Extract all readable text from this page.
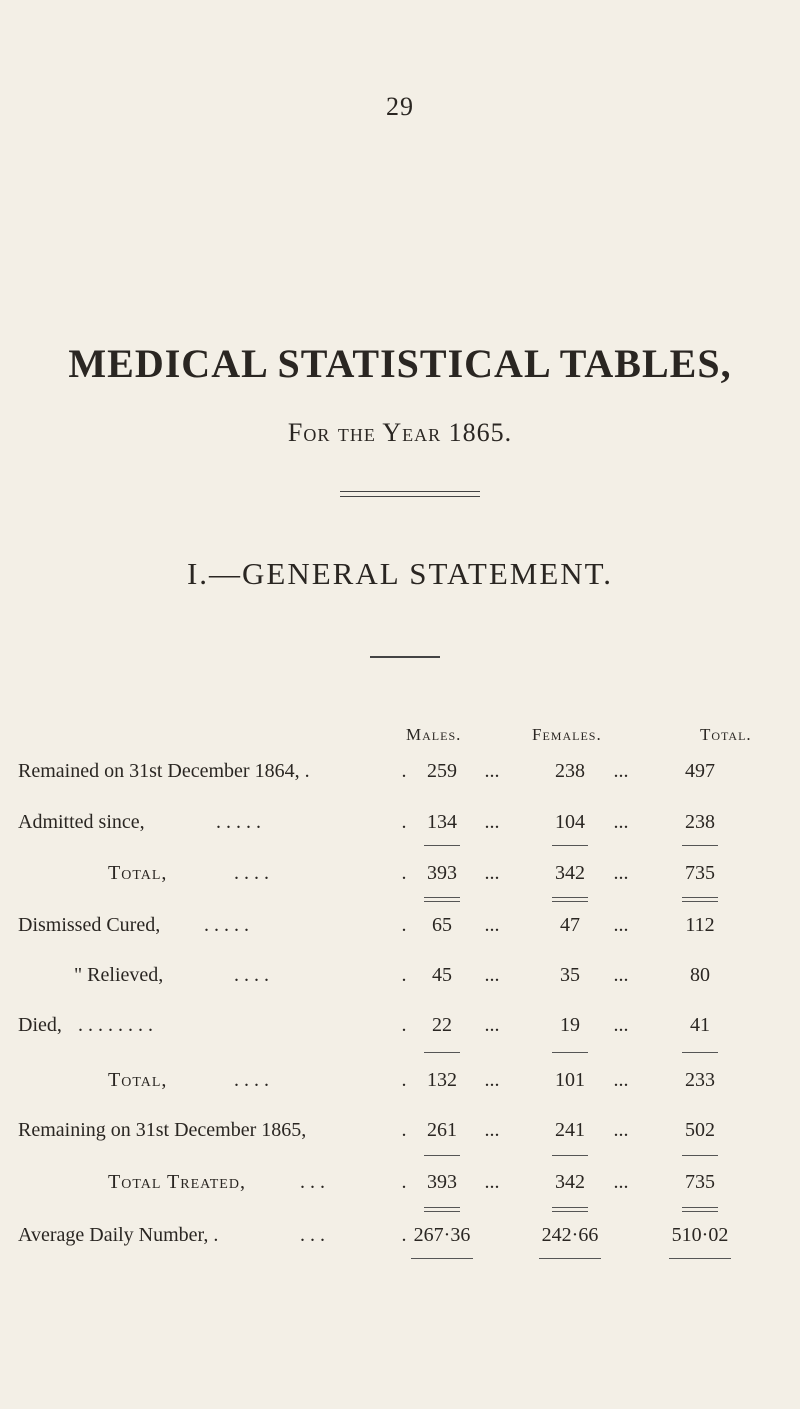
29
MEDICAL STATISTICAL TABLES,
For the Year 1865.
I.—GENERAL STATEMENT.
Males.	Females.	Total.
Remained on 31st December 1864, .	.	259	...	238	...	497
Admitted since,	. . . . .	.	134	...	104	...	238
Total,	. . . .	.	393	...	342	...	735
Dismissed Cured, . . . . .	.	65	...	47	...	112
" Relieved,	. . . .	.	45	...	35	...	80
Died, . . . . . . . .	.	22	...	19	...	41
Total,	. . . .	.	132	...	101	...	233
Remaining on 31st December 1865,	.	261	...	241	...	502
Total Treated,	. . .	.	393	...	342	...	735
Average Daily Number, .	. . .	. 267·36	242·66	510·02
